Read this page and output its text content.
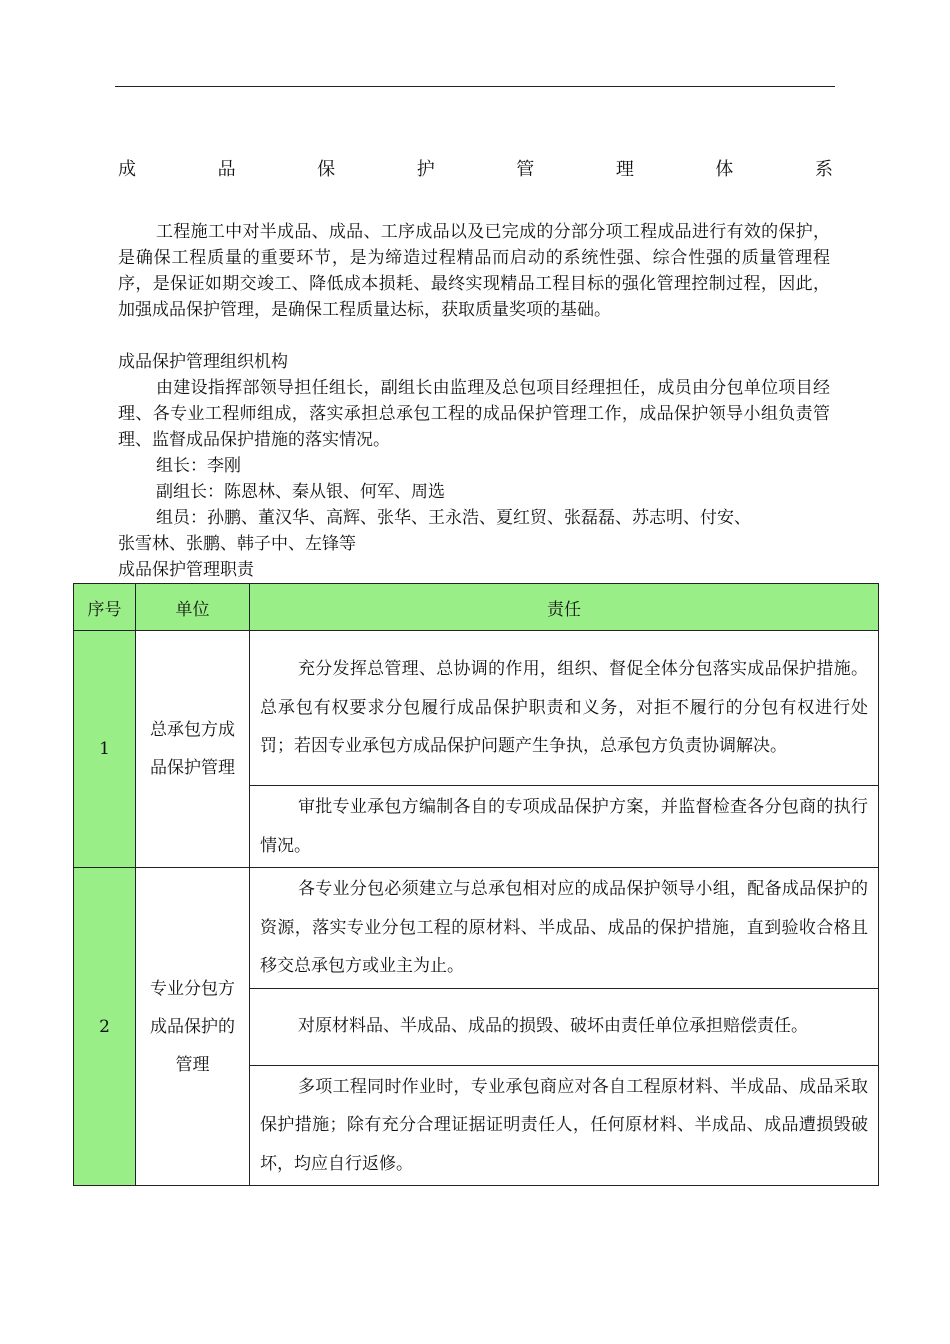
成	品	保	护	管	理	体	系
工程施工中对半成品、成品、工序成品以及已完成的分部分项工程成品进行有效的保护，是确保工程质量的重要环节，是为缔造过程精品而启动的系统性强、综合性强的质量管理程序，是保证如期交竣工、降低成本损耗、最终实现精品工程目标的强化管理控制过程，因此，加强成品保护管理，是确保工程质量达标，获取质量奖项的基础。
成品保护管理组织机构
由建设指挥部领导担任组长，副组长由监理及总包项目经理担任，成员由分包单位项目经理、各专业工程师组成，落实承担总承包工程的成品保护管理工作，成品保护领导小组负责管理、监督成品保护措施的落实情况。
组长：李刚
副组长：陈恩林、秦从银、何军、周选
组员：孙鹏、董汉华、高辉、张华、王永浩、夏红贸、张磊磊、苏志明、付安、
张雪林、张鹏、韩子中、左锋等
成品保护管理职责
序号	单位	责任
1	总承包方成品保护管理	充分发挥总管理、总协调的作用，组织、督促全体分包落实成品保护措施。总承包有权要求分包履行成品保护职责和义务，对拒不履行的分包有权进行处罚；若因专业承包方成品保护问题产生争执，总承包方负责协调解决。
		审批专业承包方编制各自的专项成品保护方案，并监督检查各分包商的执行情况。
2	专业分包方成品保护的管理	各专业分包必须建立与总承包相对应的成品保护领导小组，配备成品保护的资源，落实专业分包工程的原材料、半成品、成品的保护措施，直到验收合格且移交总承包方或业主为止。
		对原材料品、半成品、成品的损毁、破坏由责任单位承担赔偿责任。
		多项工程同时作业时，专业承包商应对各自工程原材料、半成品、成品采取保护措施；除有充分合理证据证明责任人，任何原材料、半成品、成品遭损毁破坏，均应自行返修。
